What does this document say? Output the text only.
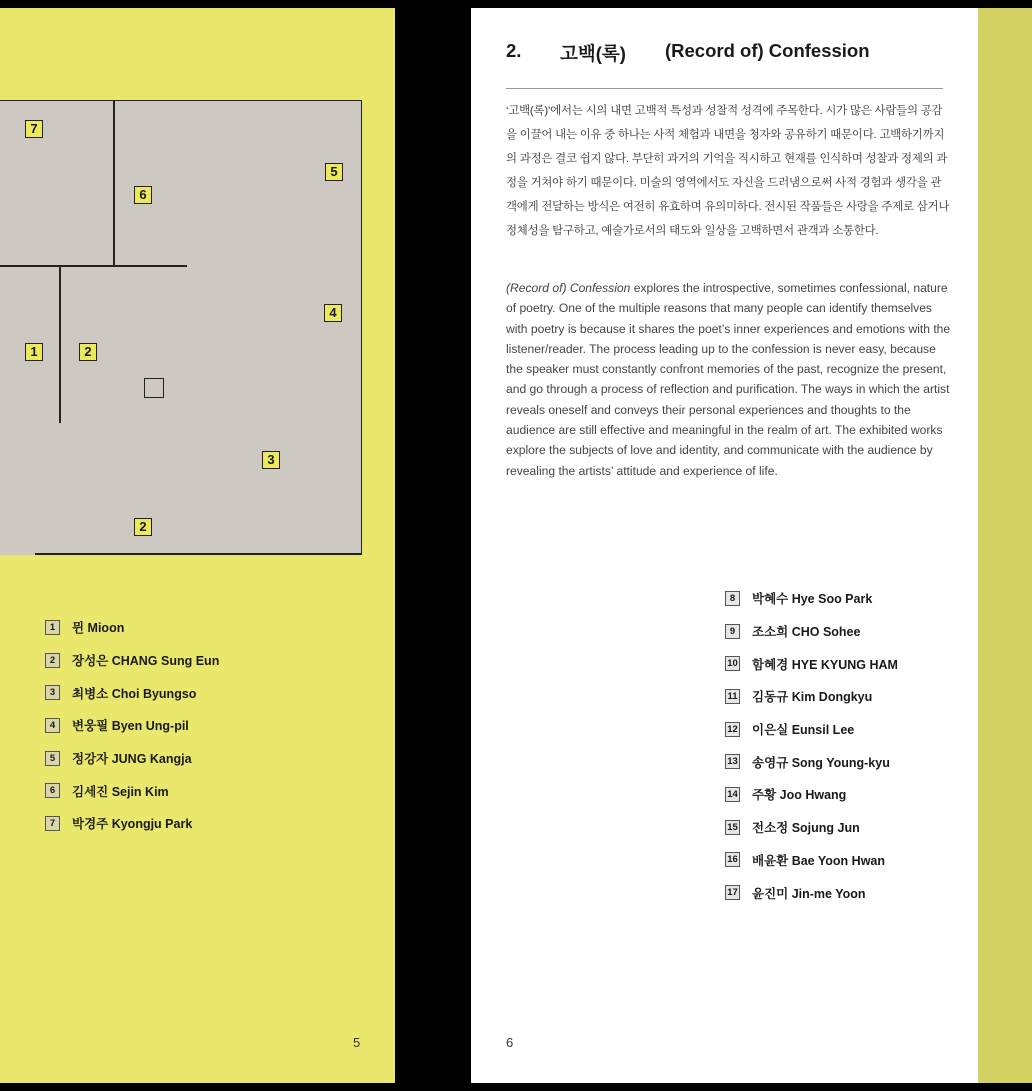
7
6
5
4
1	2
3
2
1	뮌 Mioon
2	장성은 CHANG Sung Eun
3	최병소 Choi Byungso
4	변웅필 Byen Ung-pil
5	정강자 JUNG Kangja
6	김세진 Sejin Kim
7	박경주 Kyongju Park
5
2.	고백(록)	(Record of) Confession

‘고백(록)’에서는 시의 내면 고백적 특성과 성찰적 성격에 주목한다. 시가 많은 사람들의 공감을 이끌어 내는 이유 중 하나는 사적 체험과 내면을 청자와 공유하기 때문이다. 고백하기까지의 과정은 결코 쉽지 않다. 부단히 과거의 기억을 직시하고 현재를 인식하며 성찰과 정제의 과정을 거쳐야 하기 때문이다. 미술의 영역에서도 자신을 드러냄으로써 사적 경험과 생각을 관객에게 전달하는 방식은 여전히 유효하며 유의미하다. 전시된 작품들은 사랑을 주제로 삼거나 정체성을 탐구하고, 예술가로서의 태도와 일상을 고백하면서 관객과 소통한다.

(Record of) Confession explores the introspective, sometimes confessional, nature of poetry. One of the multiple reasons that many people can identify themselves with poetry is because it shares the poet’s inner experiences and emotions with the listener/reader. The process leading up to the confession is never easy, because the speaker must constantly confront memories of the past, recognize the present, and go through a process of reflection and purification. The ways in which the artist reveals oneself and conveys their personal experiences and thoughts to the audience are still effective and meaningful in the realm of art. The exhibited works explore the subjects of love and identity, and communicate with the audience by revealing the artists’ attitude and experience of life.

8	박혜수 Hye Soo Park
9	조소희 CHO Sohee
10 함혜경 HYE KYUNG HAM
11 김동규 Kim Dongkyu
12 이은실 Eunsil Lee
13 송영규 Song Young-kyu
14 주황 Joo Hwang
15 전소정 Sojung Jun
16 배윤환 Bae Yoon Hwan
17 윤진미 Jin-me Yoon
6
